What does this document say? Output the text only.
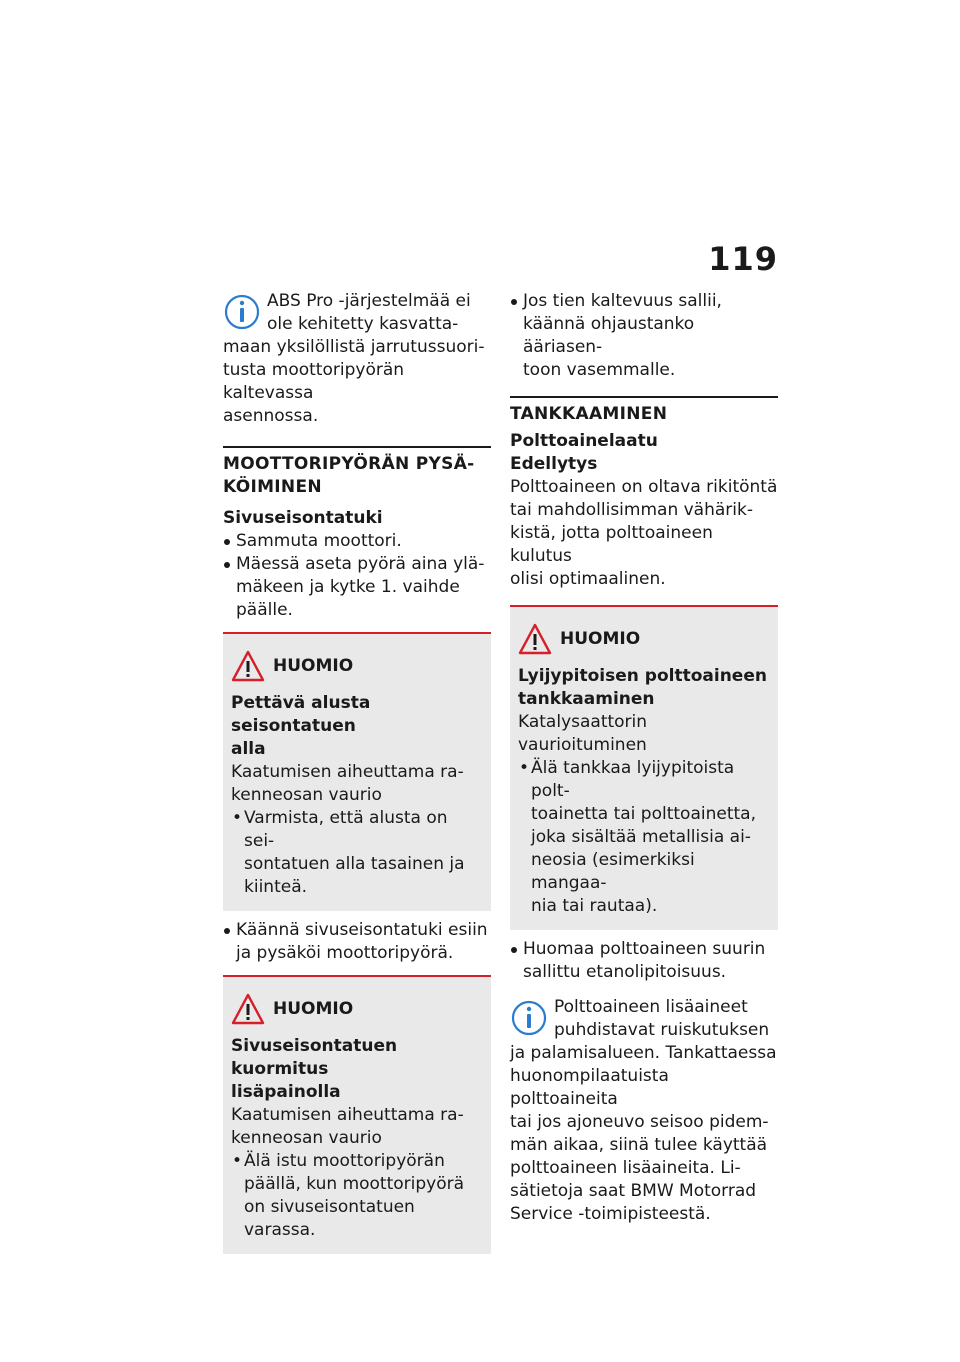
119

ABS Pro -järjestelmää ei

ole kehitetty kasvatta-

maan yksilöllistä jarrutussuori-

tusta moottoripyörän kaltevassa

asennossa.

MOOTTORIPYÖRÄN PYSÄ-

KÖIMINEN

Sivuseisontatuki

Sammuta moottori.

Mäessä aseta pyörä aina ylä-

mäkeen ja kytke 1. vaihde

päälle.

HUOMIO

Pettävä alusta seisontatuen

alla

Kaatumisen aiheuttama ra-

kenneosan vaurio

• Varmista, että alusta on sei-

sontatuen alla tasainen ja

kiinteä.

Käännä sivuseisontatuki esiin

ja pysäköi moottoripyörä.

HUOMIO

Sivuseisontatuen kuormitus

lisäpainolla

Kaatumisen aiheuttama ra-

kenneosan vaurio

• Älä istu moottoripyörän

päällä, kun moottoripyörä

on sivuseisontatuen varassa.

Jos tien kaltevuus sallii,

käännä ohjaustanko ääriasen-

toon vasemmalle.

TANKKAAMINEN

Polttoainelaatu

Edellytys

Polttoaineen on oltava rikitöntä

tai mahdollisimman vähärik-

kistä, jotta polttoaineen kulutus

olisi optimaalinen.

HUOMIO

Lyijypitoisen polttoaineen

tankkaaminen

Katalysaattorin vaurioituminen

• Älä tankkaa lyijypitoista polt-

toainetta tai polttoainetta,

joka sisältää metallisia ai-

neosia (esimerkiksi mangaa-

nia tai rautaa).

Huomaa polttoaineen suurin

sallittu etanolipitoisuus.

Polttoaineen lisäaineet

puhdistavat ruiskutuksen

ja palamisalueen. Tankattaessa

huonompilaatuista polttoaineita

tai jos ajoneuvo seisoo pidem-

män aikaa, siinä tulee käyttää

polttoaineen lisäaineita. Li-

sätietoja saat BMW Motorrad

Service -toimipisteestä.
